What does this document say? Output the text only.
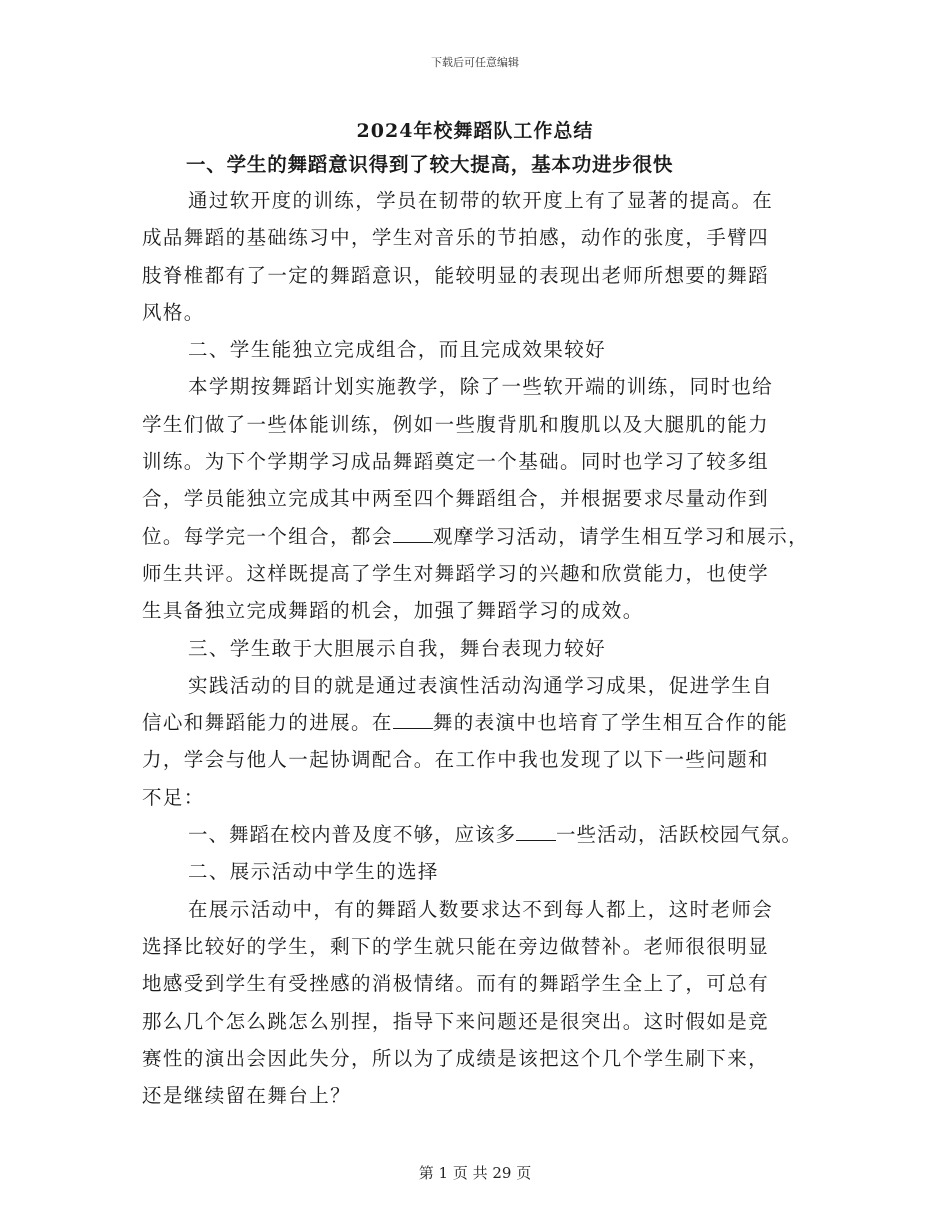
下载后可任意编辑
2024年校舞蹈队工作总结
一、学生的舞蹈意识得到了较大提高，基本功进步很快
通过软开度的训练，学员在韧带的软开度上有了显著的提高。在
成品舞蹈的基础练习中，学生对音乐的节拍感，动作的张度，手臂四
肢脊椎都有了一定的舞蹈意识，能较明显的表现出老师所想要的舞蹈
风格。
二、学生能独立完成组合，而且完成效果较好
本学期按舞蹈计划实施教学，除了一些软开端的训练，同时也给
学生们做了一些体能训练，例如一些腹背肌和腹肌以及大腿肌的能力
训练。为下个学期学习成品舞蹈奠定一个基础。同时也学习了较多组
合，学员能独立完成其中两至四个舞蹈组合，并根据要求尽量动作到
位。每学完一个组合，都会 观摩学习活动，请学生相互学习和展示，
师生共评。这样既提高了学生对舞蹈学习的兴趣和欣赏能力，也使学
生具备独立完成舞蹈的机会，加强了舞蹈学习的成效。
三、学生敢于大胆展示自我，舞台表现力较好
实践活动的目的就是通过表演性活动沟通学习成果，促进学生自
信心和舞蹈能力的进展。在 舞的表演中也培育了学生相互合作的能
力，学会与他人一起协调配合。在工作中我也发现了以下一些问题和
不足：
一、舞蹈在校内普及度不够，应该多 一些活动，活跃校园气氛。
二、展示活动中学生的选择
在展示活动中，有的舞蹈人数要求达不到每人都上，这时老师会
选择比较好的学生，剩下的学生就只能在旁边做替补。老师很很明显
地感受到学生有受挫感的消极情绪。而有的舞蹈学生全上了，可总有
那么几个怎么跳怎么别捏，指导下来问题还是很突出。这时假如是竞
赛性的演出会因此失分，所以为了成绩是该把这个几个学生刷下来，
还是继续留在舞台上？
第 1 页 共 29 页
